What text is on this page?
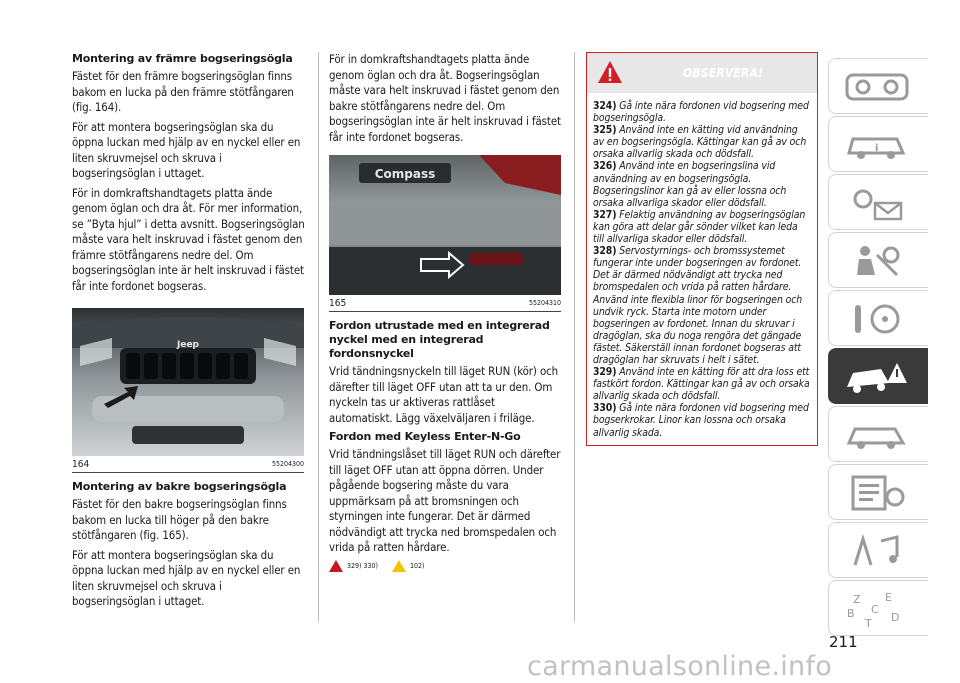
Montering av främre bogseringsögla

Fästet för den främre bogseringsöglan finns bakom en lucka på den främre stötfångaren (fig. 164).

För att montera bogseringsöglan ska du öppna luckan med hjälp av en nyckel eller en liten skruvmejsel och skruva i bogseringsöglan i uttaget.

För in domkraftshandtagets platta ände genom öglan och dra åt. För mer information, se ”Byta hjul” i detta avsnitt. Bogseringsöglan måste vara helt inskruvad i fästet genom den främre stötfångarens nedre del. Om bogseringsöglan inte är helt inskruvad i fästet får inte fordonet bogseras.

Jeep
164	55204300
Montering av bakre bogseringsögla

Fästet för den bakre bogseringsöglan finns bakom en lucka till höger på den bakre stötfångaren (fig. 165).

För att montera bogseringsöglan ska du öppna luckan med hjälp av en nyckel eller en liten skruvmejsel och skruva i bogseringsöglan i uttaget.

För in domkraftshandtagets platta ände genom öglan och dra åt. Bogseringsöglan måste vara helt inskruvad i fästet genom den bakre stötfångarens nedre del. Om bogseringsöglan inte är helt inskruvad i fästet får inte fordonet bogseras.

Compass
165	55204310
Fordon utrustade med en integrerad nyckel med en integrerad fordonsnyckel

Vrid tändningsnyckeln till läget RUN (kör) och därefter till läget OFF utan att ta ur den. Om nyckeln tas ur aktiveras rattlåset automatiskt. Lägg växelväljaren i friläge.

Fordon med Keyless Enter-N-Go

Vrid tändningslåset till läget RUN och därefter till läget OFF utan att öppna dörren. Under pågående bogsering måste du vara uppmärksam på att bromsningen och styrningen inte fungerar. Det är därmed nödvändigt att trycka ned bromspedalen och vrida på ratten hårdare.

329) 330)	102)
OBSERVERA!

324) Gå inte nära fordonen vid bogsering med bogseringsögla.

325) Använd inte en kätting vid användning av en bogseringsögla. Kättingar kan gå av och orsaka allvarlig skada och dödsfall.

326) Använd inte en bogseringslina vid användning av en bogseringsögla. Bogseringslinor kan gå av eller lossna och orsaka allvarliga skador eller dödsfall.

327) Felaktig användning av bogseringsöglan kan göra att delar går sönder vilket kan leda till allvarliga skador eller dödsfall.

328) Servostyrnings- och bromssystemet fungerar inte under bogseringen av fordonet. Det är därmed nödvändigt att trycka ned bromspedalen och vrida på ratten hårdare. Använd inte flexibla linor för bogseringen och undvik ryck. Starta inte motorn under bogseringen av fordonet. Innan du skruvar i dragöglan, ska du noga rengöra det gängade fästet. Säkerställ innan fordonet bogseras att dragöglan har skruvats i helt i sätet.

329) Använd inte en kätting för att dra loss ett fastkört fordon. Kättingar kan gå av och orsaka allvarlig skada och dödsfall.

330) Gå inte nära fordonen vid bogsering med bogserkrokar. Linor kan lossna och orsaka allvarlig skada.

i
Z E
B C
T D
211
carmanualsonline.info
